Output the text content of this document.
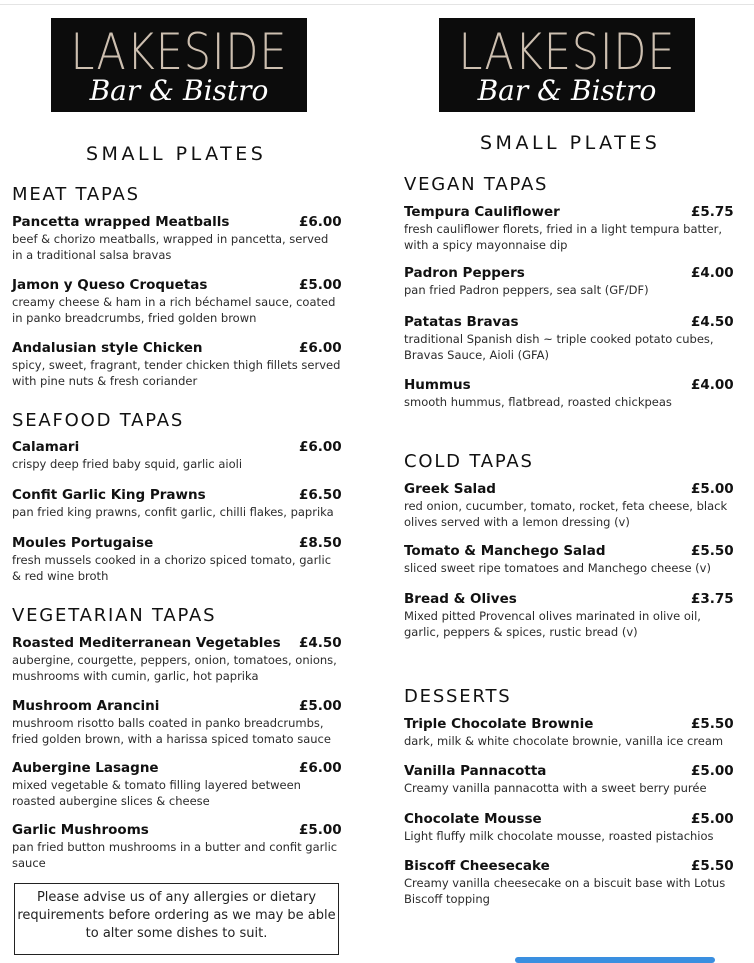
LAKESIDE
Bar & Bistro
SMALL PLATES
MEAT TAPAS
Pancetta wrapped Meatballs	£6.00
beef & chorizo meatballs, wrapped in pancetta, served in a traditional salsa bravas
Jamon y Queso Croquetas	£5.00
creamy cheese & ham in a rich béchamel sauce, coated in panko breadcrumbs, fried golden brown
Andalusian style Chicken	£6.00
spicy, sweet, fragrant, tender chicken thigh fillets served with pine nuts & fresh coriander
SEAFOOD TAPAS
Calamari	£6.00
crispy deep fried baby squid, garlic aioli
Confit Garlic King Prawns	£6.50
pan fried king prawns, confit garlic, chilli flakes, paprika
Moules Portugaise	£8.50
fresh mussels cooked in a chorizo spiced tomato, garlic & red wine broth
VEGETARIAN TAPAS
Roasted Mediterranean Vegetables £4.50
aubergine, courgette, peppers, onion, tomatoes, onions, mushrooms with cumin, garlic, hot paprika
Mushroom Arancini	£5.00
mushroom risotto balls coated in panko breadcrumbs, fried golden brown, with a harissa spiced tomato sauce
Aubergine Lasagne	£6.00
mixed vegetable & tomato filling layered between roasted aubergine slices & cheese
Garlic Mushrooms	£5.00
pan fried button mushrooms in a butter and confit garlic sauce
Please advise us of any allergies or dietary requirements before ordering as we may be able to alter some dishes to suit.
LAKESIDE
Bar & Bistro
SMALL PLATES
VEGAN TAPAS
Tempura Cauliflower	£5.75
fresh cauliflower florets, fried in a light tempura batter, with a spicy mayonnaise dip
Padron Peppers	£4.00
pan fried Padron peppers, sea salt (GF/DF)
Patatas Bravas	£4.50
traditional Spanish dish ~ triple cooked potato cubes, Bravas Sauce, Aioli (GFA)
Hummus	£4.00
smooth hummus, flatbread, roasted chickpeas
COLD TAPAS
Greek Salad	£5.00
red onion, cucumber, tomato, rocket, feta cheese, black olives served with a lemon dressing (v)
Tomato & Manchego Salad	£5.50
sliced sweet ripe tomatoes and Manchego cheese (v)
Bread & Olives	£3.75
Mixed pitted Provencal olives marinated in olive oil, garlic, peppers & spices, rustic bread (v)
DESSERTS
Triple Chocolate Brownie	£5.50
dark, milk & white chocolate brownie, vanilla ice cream
Vanilla Pannacotta	£5.00
Creamy vanilla pannacotta with a sweet berry purée
Chocolate Mousse	£5.00
Light fluffy milk chocolate mousse, roasted pistachios
Biscoff Cheesecake	£5.50
Creamy vanilla cheesecake on a biscuit base with Lotus Biscoff topping
